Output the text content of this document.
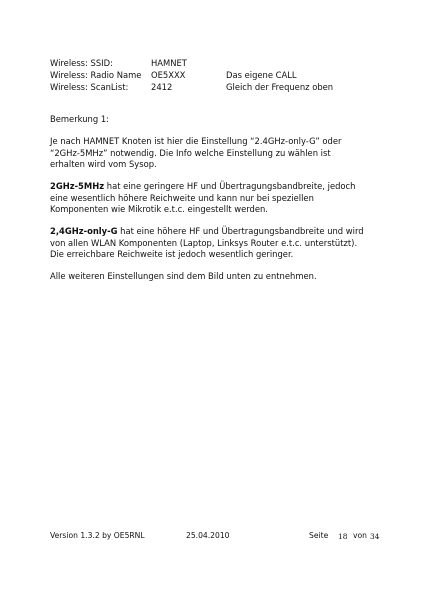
Wireless: SSID:	HAMNET
Wireless: Radio Name OE5XXX	Das eigene CALL
Wireless: ScanList:	2412	Gleich der Frequenz oben

Bemerkung 1:

Je nach HAMNET Knoten ist hier die Einstellung “2.4GHz-only-G” oder
“2GHz-5MHz” notwendig. Die Info welche Einstellung zu wählen ist
erhalten wird vom Sysop.

2GHz-5MHz hat eine geringere HF und Übertragungsbandbreite, jedoch
eine wesentlich höhere Reichweite und kann nur bei speziellen
Komponenten wie Mikrotik e.t.c. eingestellt werden.

2,4GHz-only-G hat eine höhere HF und Übertragungsbandbreite und wird
von allen WLAN Komponenten (Laptop, Linksys Router e.t.c. unterstützt).
Die erreichbare Reichweite ist jedoch wesentlich geringer.

Alle weiteren Einstellungen sind dem Bild unten zu entnehmen.

Version 1.3.2 by OE5RNL	25.04.2010	Seite 18 von 34
